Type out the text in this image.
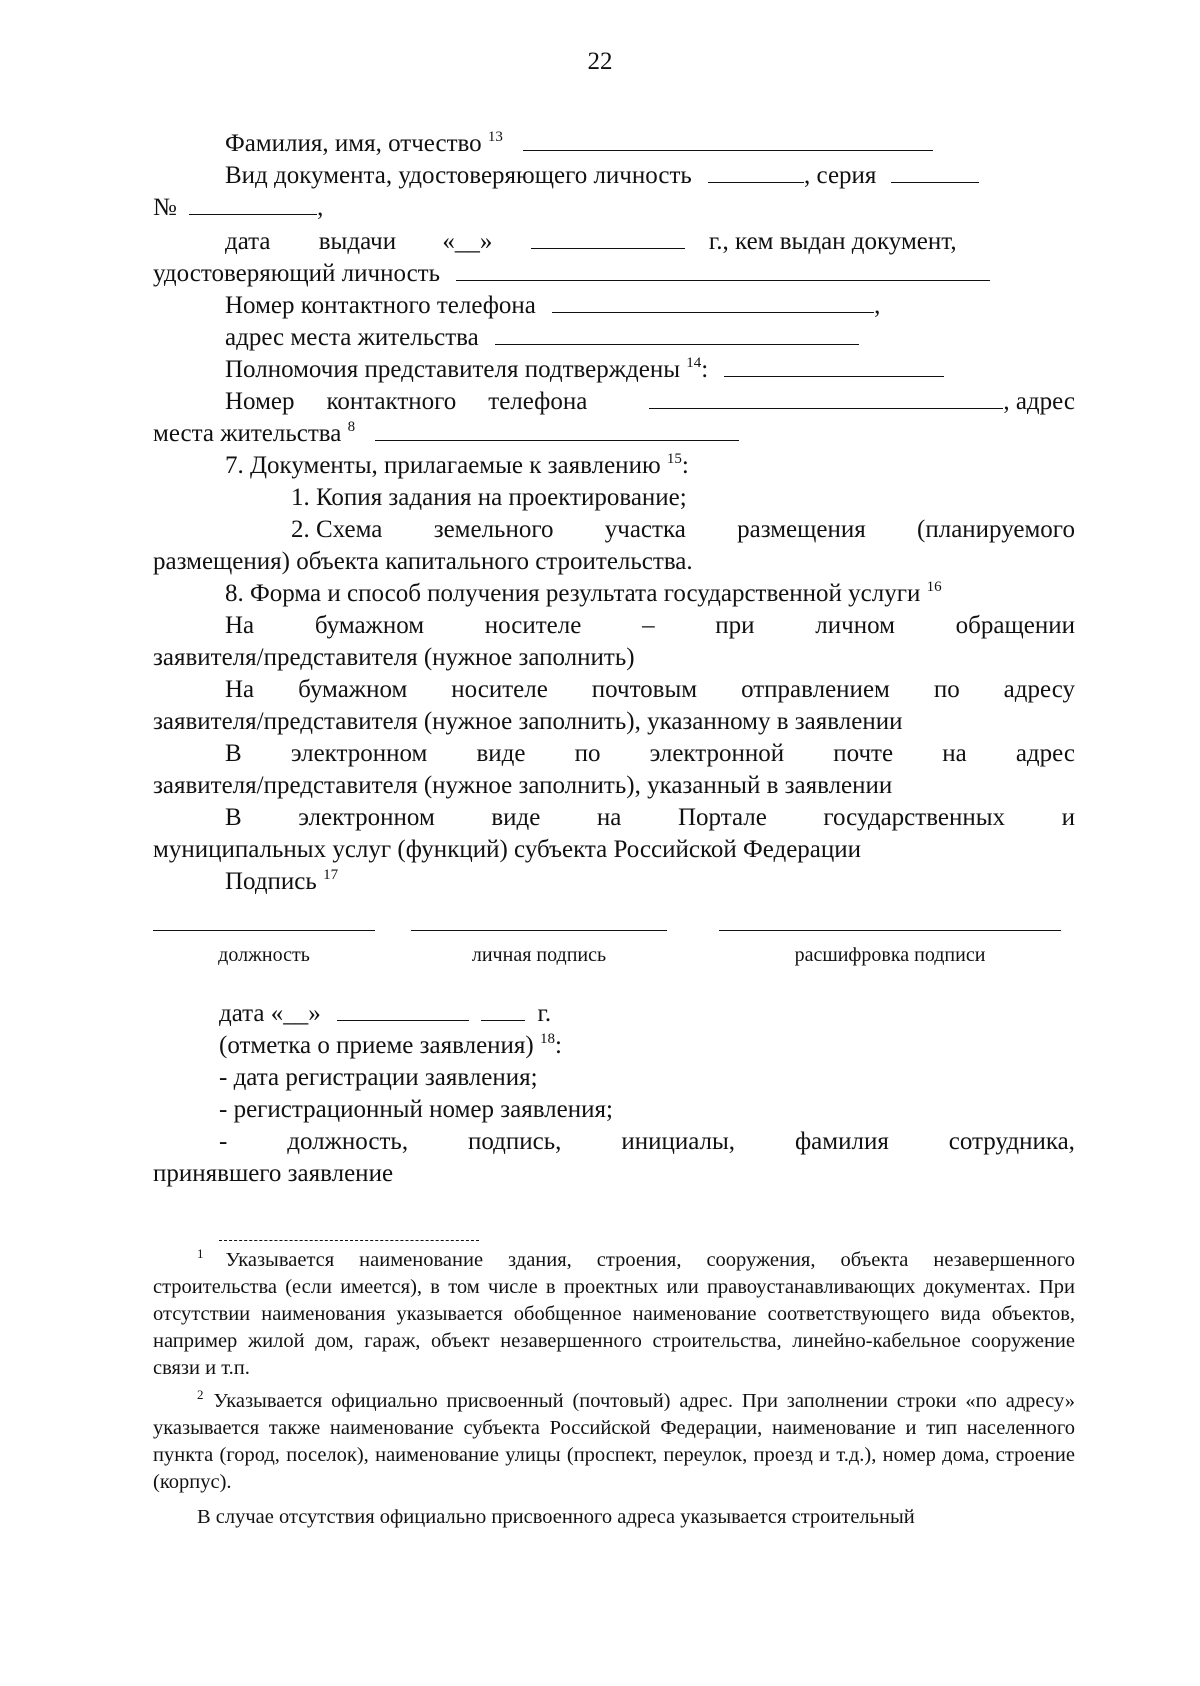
22
Фамилия, имя, отчество $^{13}$
Вид документа, удостоверяющего личность	, серия
№	,
дата выдачи «__»	г., кем выдан документ,
удостоверяющий личность
Номер контактного телефона	,
адрес места жительства
Полномочия представителя подтверждены $^{14}$:
Номер контактного телефона	, адрес
места жительства $^8$
7. Документы, прилагаемые к заявлению $^{15}$:
1. Копия задания на проектирование;
2. Схема земельного участка размещения (планируемого
размещения) объекта капитального строительства.
8. Форма и способ получения результата государственной услуги $^{16}$
На бумажном носителе – при личном обращении
заявителя/представителя (нужное заполнить)
На бумажном носителе почтовым отправлением по адресу
заявителя/представителя (нужное заполнить), указанному в заявлении
В электронном виде по электронной почте на адрес
заявителя/представителя (нужное заполнить), указанный в заявлении
В электронном виде на Портале государственных и
муниципальных услуг (функций) субъекта Российской Федерации
Подпись $^{17}$
должность	личная подпись	расшифровка подписи
дата «__»	г.
(отметка о приеме заявления) $^{18}$:
- дата регистрации заявления;
- регистрационный номер заявления;
- должность, подпись, инициалы, фамилия сотрудника,
принявшего заявление
$^1$ Указывается наименование здания, строения, сооружения, объекта незавершенного строительства (если имеется), в том числе в проектных или правоустанавливающих документах. При отсутствии наименования указывается обобщенное наименование соответствующего вида объектов, например жилой дом, гараж, объект незавершенного строительства, линейно-кабельное сооружение связи и т.п.
$^2$ Указывается официально присвоенный (почтовый) адрес. При заполнении строки «по адресу» указывается также наименование субъекта Российской Федерации, наименование и тип населенного пункта (город, поселок), наименование улицы (проспект, переулок, проезд и т.д.), номер дома, строение (корпус).
В случае отсутствия официально присвоенного адреса указывается строительный
